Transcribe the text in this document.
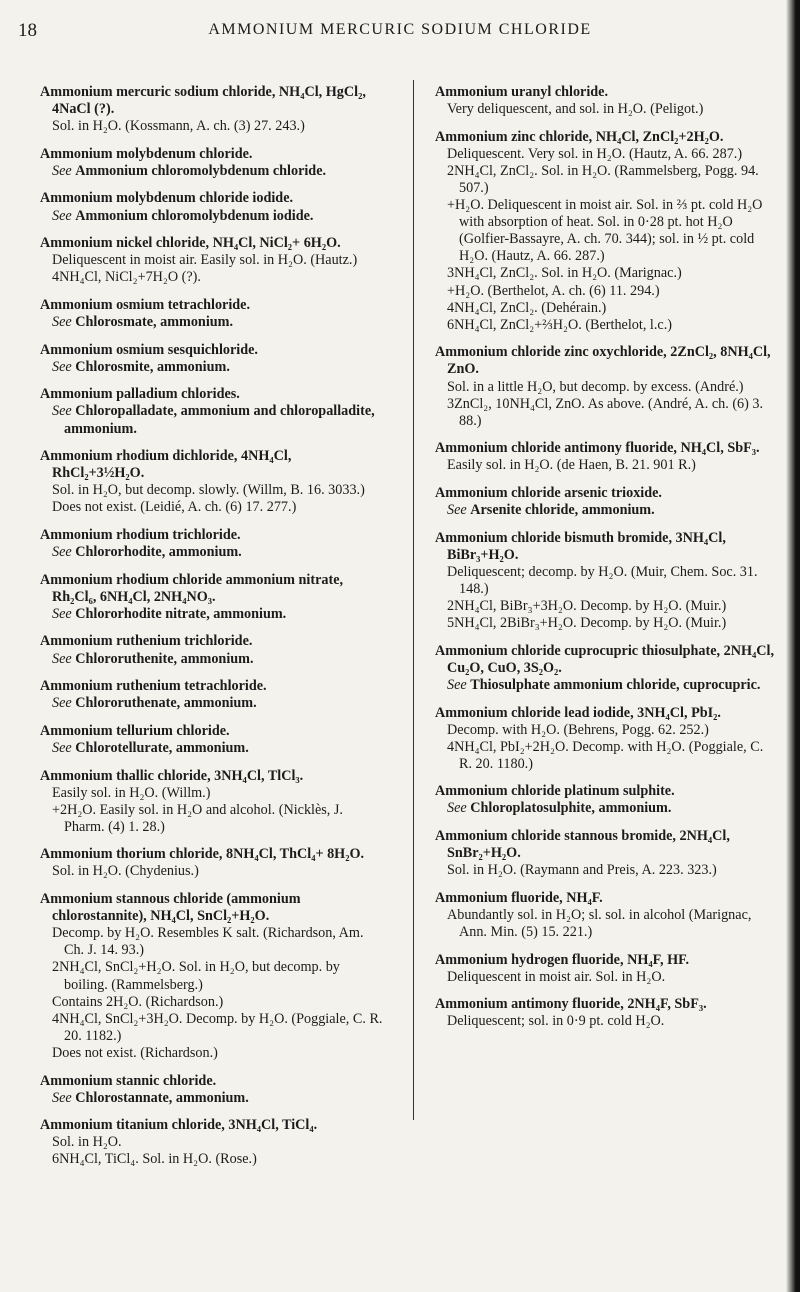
18	AMMONIUM MERCURIC SODIUM CHLORIDE
Ammonium mercuric sodium chloride, NH₄Cl, HgCl₂, 4NaCl (?).
Sol. in H₂O. (Kossmann, A. ch. (3) 27. 243.)
Ammonium molybdenum chloride.
See Ammonium chloromolybdenum chloride.
Ammonium molybdenum chloride iodide.
See Ammonium chloromolybdenum iodide.
Ammonium nickel chloride, NH₄Cl, NiCl₂+ 6H₂O.
Deliquescent in moist air. Easily sol. in H₂O. (Hautz.)
4NH₄Cl, NiCl₂+7H₂O (?).
Ammonium osmium tetrachloride.
See Chlorosmate, ammonium.
Ammonium osmium sesquichloride.
See Chlorosmite, ammonium.
Ammonium palladium chlorides.
See Chloropalladate, ammonium and chloropalladite, ammonium.
Ammonium rhodium dichloride, 4NH₄Cl, RhCl₂+3½H₂O.
Sol. in H₂O, but decomp. slowly. (Willm, B. 16. 3033.)
Does not exist. (Leidié, A. ch. (6) 17. 277.)
Ammonium rhodium trichloride.
See Chlororhodite, ammonium.
Ammonium rhodium chloride ammonium nitrate, Rh₂Cl₆, 6NH₄Cl, 2NH₄NO₃.
See Chlororhodite nitrate, ammonium.
Ammonium ruthenium trichloride.
See Chlororuthenite, ammonium.
Ammonium ruthenium tetrachloride.
See Chlororuthenate, ammonium.
Ammonium tellurium chloride.
See Chlorotellurate, ammonium.
Ammonium thallic chloride, 3NH₄Cl, TlCl₃.
Easily sol. in H₂O. (Willm.)
+2H₂O. Easily sol. in H₂O and alcohol. (Nicklès, J. Pharm. (4) 1. 28.)
Ammonium thorium chloride, 8NH₄Cl, ThCl₄+ 8H₂O.
Sol. in H₂O. (Chydenius.)
Ammonium stannous chloride (ammonium chlorostannite), NH₄Cl, SnCl₂+H₂O.
Decomp. by H₂O. Resembles K salt. (Richardson, Am. Ch. J. 14. 93.)
2NH₄Cl, SnCl₂+H₂O. Sol. in H₂O, but decomp. by boiling. (Rammelsberg.)
Contains 2H₂O. (Richardson.)
4NH₄Cl, SnCl₂+3H₂O. Decomp. by H₂O. (Poggiale, C. R. 20. 1182.)
Does not exist. (Richardson.)
Ammonium stannic chloride.
See Chlorostannate, ammonium.
Ammonium titanium chloride, 3NH₄Cl, TiCl₄.
Sol. in H₂O.
6NH₄Cl, TiCl₄. Sol. in H₂O. (Rose.)
Ammonium uranyl chloride.
Very deliquescent, and sol. in H₂O. (Peligot.)
Ammonium zinc chloride, NH₄Cl, ZnCl₂+2H₂O.
Deliquescent. Very sol. in H₂O. (Hautz, A. 66. 287.)
2NH₄Cl, ZnCl₂. Sol. in H₂O. (Rammelsberg, Pogg. 94. 507.)
+H₂O. Deliquescent in moist air. Sol. in ⅔ pt. cold H₂O with absorption of heat. Sol. in 0·28 pt. hot H₂O (Golfier-Bassayre, A. ch. 70. 344); sol. in ½ pt. cold H₂O. (Hautz, A. 66. 287.)
3NH₄Cl, ZnCl₂. Sol. in H₂O. (Marignac.)
+H₂O. (Berthelot, A. ch. (6) 11. 294.)
4NH₄Cl, ZnCl₂. (Dehérain.)
6NH₄Cl, ZnCl₂+⅔H₂O. (Berthelot, l.c.)
Ammonium chloride zinc oxychloride, 2ZnCl₂, 8NH₄Cl, ZnO.
Sol. in a little H₂O, but decomp. by excess. (André.)
3ZnCl₂, 10NH₄Cl, ZnO. As above. (André, A. ch. (6) 3. 88.)
Ammonium chloride antimony fluoride, NH₄Cl, SbF₃.
Easily sol. in H₂O. (de Haen, B. 21. 901 R.)
Ammonium chloride arsenic trioxide.
See Arsenite chloride, ammonium.
Ammonium chloride bismuth bromide, 3NH₄Cl, BiBr₃+H₂O.
Deliquescent; decomp. by H₂O. (Muir, Chem. Soc. 31. 148.)
2NH₄Cl, BiBr₃+3H₂O. Decomp. by H₂O. (Muir.)
5NH₄Cl, 2BiBr₃+H₂O. Decomp. by H₂O. (Muir.)
Ammonium chloride cuprocupric thiosulphate, 2NH₄Cl, Cu₂O, CuO, 3S₂O₂.
See Thiosulphate ammonium chloride, cuprocupric.
Ammonium chloride lead iodide, 3NH₄Cl, PbI₂.
Decomp. with H₂O. (Behrens, Pogg. 62. 252.)
4NH₄Cl, PbI₂+2H₂O. Decomp. with H₂O. (Poggiale, C. R. 20. 1180.)
Ammonium chloride platinum sulphite.
See Chloroplatosulphite, ammonium.
Ammonium chloride stannous bromide, 2NH₄Cl, SnBr₂+H₂O.
Sol. in H₂O. (Raymann and Preis, A. 223. 323.)
Ammonium fluoride, NH₄F.
Abundantly sol. in H₂O; sl. sol. in alcohol (Marignac, Ann. Min. (5) 15. 221.)
Ammonium hydrogen fluoride, NH₄F, HF.
Deliquescent in moist air. Sol. in H₂O.
Ammonium antimony fluoride, 2NH₄F, SbF₃.
Deliquescent; sol. in 0·9 pt. cold H₂O.
